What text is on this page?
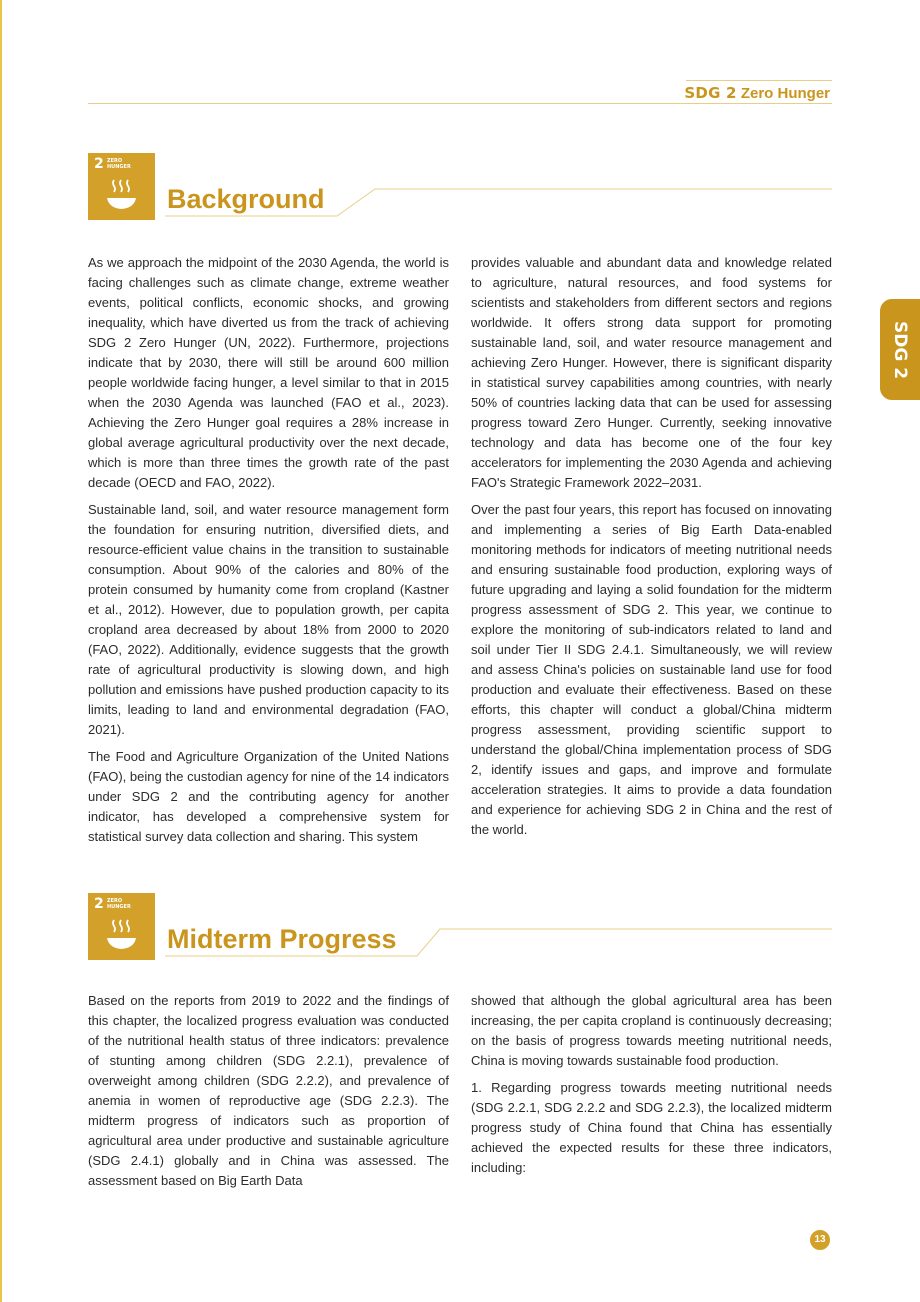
SDG 2 Zero Hunger
SDG 2
2 ZERO
HUNGER
Background

As we approach the midpoint of the 2030 Agenda, the world is facing challenges such as climate change, extreme weather events, political conflicts, economic shocks, and growing inequality, which have diverted us from the track of achieving SDG 2 Zero Hunger (UN, 2022). Furthermore, projections indicate that by 2030, there will still be around 600 million people worldwide facing hunger, a level similar to that in 2015 when the 2030 Agenda was launched (FAO et al., 2023). Achieving the Zero Hunger goal requires a 28% increase in global average agricultural productivity over the next decade, which is more than three times the growth rate of the past decade (OECD and FAO, 2022).

Sustainable land, soil, and water resource management form the foundation for ensuring nutrition, diversified diets, and resource-efficient value chains in the transition to sustainable consumption. About 90% of the calories and 80% of the protein consumed by humanity come from cropland (Kastner et al., 2012). However, due to population growth, per capita cropland area decreased by about 18% from 2000 to 2020 (FAO, 2022). Additionally, evidence suggests that the growth rate of agricultural productivity is slowing down, and high pollution and emissions have pushed production capacity to its limits, leading to land and environmental degradation (FAO, 2021).

The Food and Agriculture Organization of the United Nations (FAO), being the custodian agency for nine of the 14 indicators under SDG 2 and the contributing agency for another indicator, has developed a comprehensive system for statistical survey data collection and sharing. This system

provides valuable and abundant data and knowledge related to agriculture, natural resources, and food systems for scientists and stakeholders from different sectors and regions worldwide. It offers strong data support for promoting sustainable land, soil, and water resource management and achieving Zero Hunger. However, there is significant disparity in statistical survey capabilities among countries, with nearly 50% of countries lacking data that can be used for assessing progress toward Zero Hunger. Currently, seeking innovative technology and data has become one of the four key accelerators for implementing the 2030 Agenda and achieving FAO's Strategic Framework 2022–2031.

Over the past four years, this report has focused on innovating and implementing a series of Big Earth Data-enabled monitoring methods for indicators of meeting nutritional needs and ensuring sustainable food production, exploring ways of future upgrading and laying a solid foundation for the midterm progress assessment of SDG 2. This year, we continue to explore the monitoring of sub-indicators related to land and soil under Tier II SDG 2.4.1. Simultaneously, we will review and assess China's policies on sustainable land use for food production and evaluate their effectiveness. Based on these efforts, this chapter will conduct a global/China midterm progress assessment, providing scientific support to understand the global/China implementation process of SDG 2, identify issues and gaps, and improve and formulate acceleration strategies. It aims to provide a data foundation and experience for achieving SDG 2 in China and the rest of the world.

2 ZERO
HUNGER
Midterm Progress

Based on the reports from 2019 to 2022 and the findings of this chapter, the localized progress evaluation was conducted of the nutritional health status of three indicators: prevalence of stunting among children (SDG 2.2.1), prevalence of overweight among children (SDG 2.2.2), and prevalence of anemia in women of reproductive age (SDG 2.2.3). The midterm progress of indicators such as proportion of agricultural area under productive and sustainable agriculture (SDG 2.4.1) globally and in China was assessed. The assessment based on Big Earth Data

showed that although the global agricultural area has been increasing, the per capita cropland is continuously decreasing; on the basis of progress towards meeting nutritional needs, China is moving towards sustainable food production.

1. Regarding progress towards meeting nutritional needs (SDG 2.2.1, SDG 2.2.2 and SDG 2.2.3), the localized midterm progress study of China found that China has essentially achieved the expected results for these three indicators, including:

13
